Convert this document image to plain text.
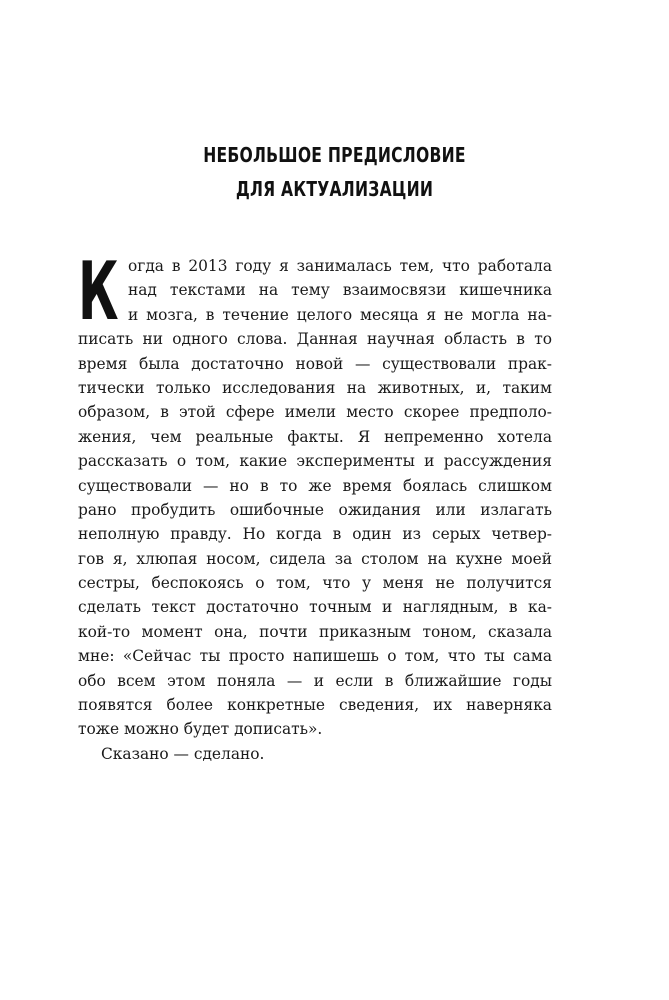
НЕБОЛЬШОЕ ПРЕДИСЛОВИЕ
ДЛЯ АКТУАЛИЗАЦИИ
К огда в 2013 году я занималась тем, что работала
над текстами на тему взаимосвязи кишечника
и мозга, в течение целого месяца я не могла на-
писать ни одного слова. Данная научная область в то
время была достаточно новой — существовали прак-
тически только исследования на животных, и, таким
образом, в этой сфере имели место скорее предполо-
жения, чем реальные факты. Я непременно хотела
рассказать о том, какие эксперименты и рассуждения
существовали — но в то же время боялась слишком
рано пробудить ошибочные ожидания или излагать
неполную правду. Но когда в один из серых четвер-
гов я, хлюпая носом, сидела за столом на кухне моей
сестры, беспокоясь о том, что у меня не получится
сделать текст достаточно точным и наглядным, в ка-
кой-то момент она, почти приказным тоном, сказала
мне: «Сейчас ты просто напишешь о том, что ты сама
обо всем этом поняла — и если в ближайшие годы
появятся более конкретные сведения, их наверняка
тоже можно будет дописать».
Сказано — сделано.
